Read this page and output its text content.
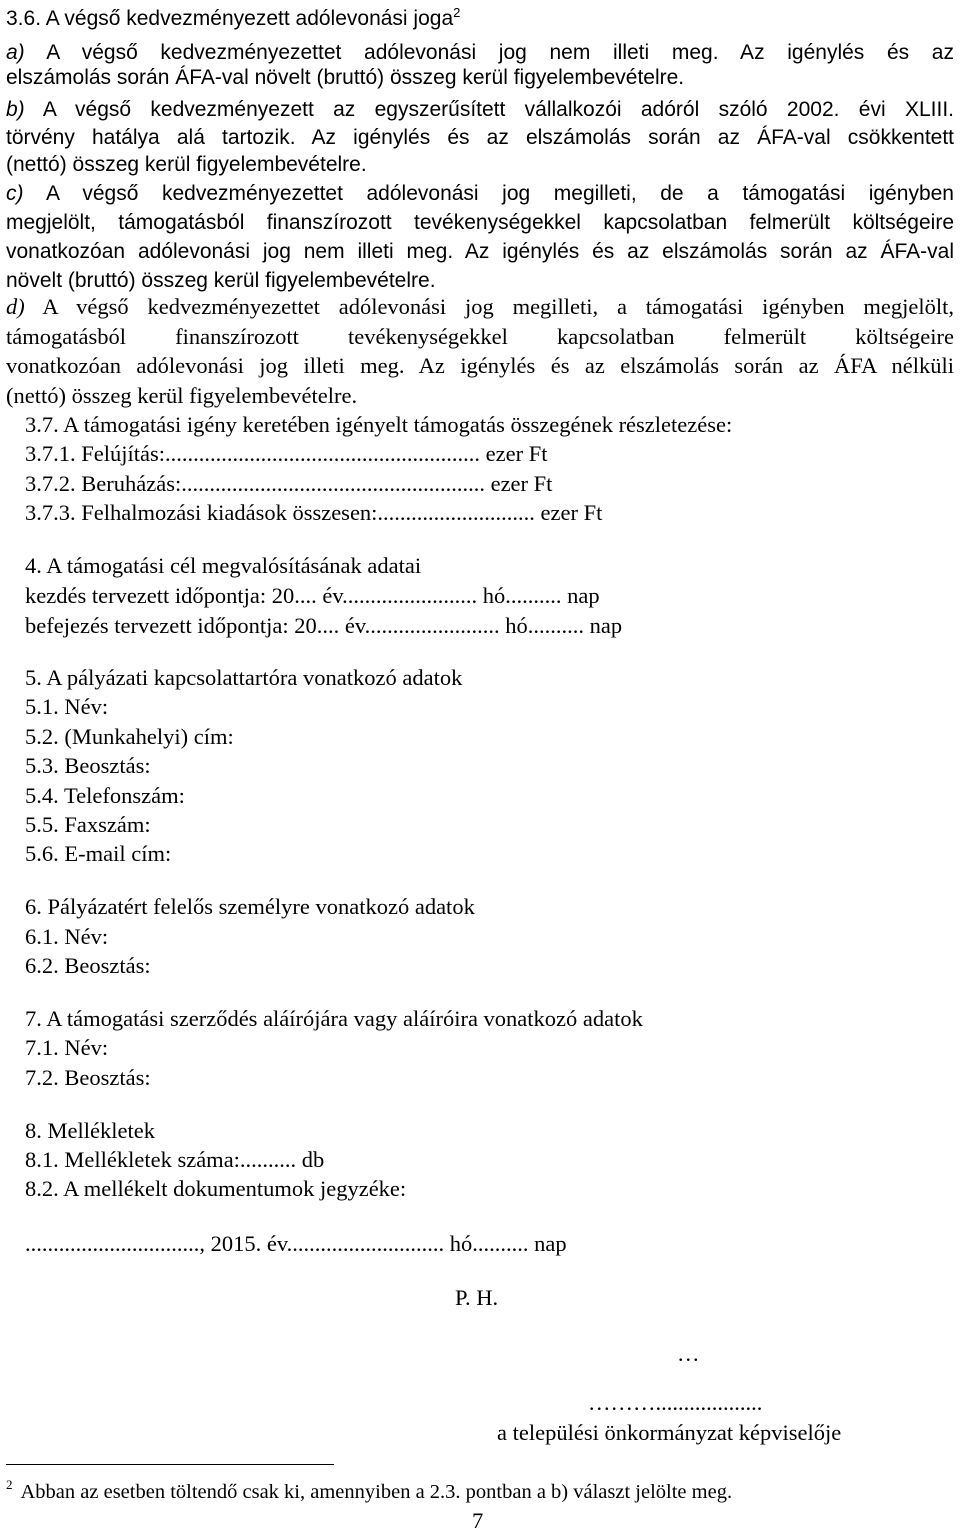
3.6. A végső kedvezményezett adólevonási joga$^2$
a) A végső kedvezményezettet adólevonási jog nem illeti meg. Az igénylés és az
elszámolás során ÁFA-val növelt (bruttó) összeg kerül figyelembevételre.
b) A végső kedvezményezett az egyszerűsített vállalkozói adóról szóló 2002. évi XLIII.
törvény hatálya alá tartozik. Az igénylés és az elszámolás során az ÁFA-val csökkentett
(nettó) összeg kerül figyelembevételre.
c) A végső kedvezményezettet adólevonási jog megilleti, de a támogatási igényben
megjelölt, támogatásból finanszírozott tevékenységekkel kapcsolatban felmerült költségeire
vonatkozóan adólevonási jog nem illeti meg. Az igénylés és az elszámolás során az ÁFA-val
növelt (bruttó) összeg kerül figyelembevételre.
d) A végső kedvezményezettet adólevonási jog megilleti, a támogatási igényben megjelölt,
támogatásból finanszírozott tevékenységekkel kapcsolatban felmerült költségeire
vonatkozóan adólevonási jog illeti meg. Az igénylés és az elszámolás során az ÁFA nélküli
(nettó) összeg kerül figyelembevételre.
3.7. A támogatási igény keretében igényelt támogatás összegének részletezése:
3.7.1. Felújítás:........................................................ ezer Ft
3.7.2. Beruházás:...................................................... ezer Ft
3.7.3. Felhalmozási kiadások összesen:............................ ezer Ft
4. A támogatási cél megvalósításának adatai
kezdés tervezett időpontja: 20.... év........................ hó.......... nap
befejezés tervezett időpontja: 20.... év........................ hó.......... nap
5. A pályázati kapcsolattartóra vonatkozó adatok
5.1. Név:
5.2. (Munkahelyi) cím:
5.3. Beosztás:
5.4. Telefonszám:
5.5. Faxszám:
5.6. E-mail cím:
6. Pályázatért felelős személyre vonatkozó adatok
6.1. Név:
6.2. Beosztás:
7. A támogatási szerződés aláírójára vagy aláíróira vonatkozó adatok
7.1. Név:
7.2. Beosztás:
8. Mellékletek
8.1. Mellékletek száma:.......... db
8.2. A mellékelt dokumentumok jegyzéke:
..............................., 2015. év............................ hó.......... nap
P. H.
…
………...................
a települési önkormányzat képviselője
$^2$ Abban az esetben töltendő csak ki, amennyiben a 2.3. pontban a b) választ jelölte meg.
7
